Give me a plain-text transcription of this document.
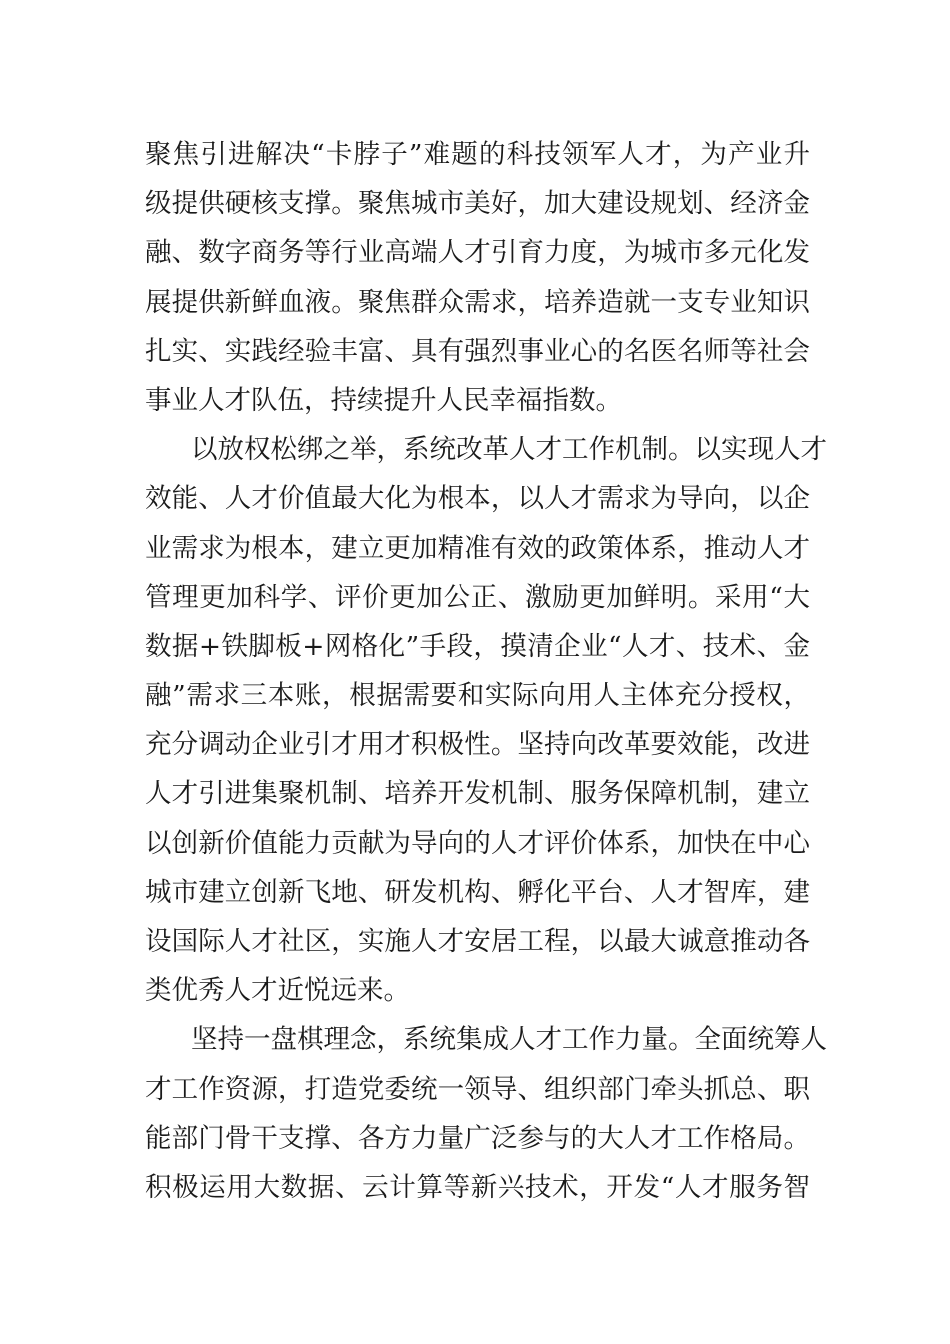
聚焦引进解决“卡脖子”难题的科技领军人才，为产业升
级提供硬核支撑。聚焦城市美好，加大建设规划、经济金
融、数字商务等行业高端人才引育力度，为城市多元化发
展提供新鲜血液。聚焦群众需求，培养造就一支专业知识
扎实、实践经验丰富、具有强烈事业心的名医名师等社会
事业人才队伍，持续提升人民幸福指数。
以放权松绑之举，系统改革人才工作机制。以实现人才
效能、人才价值最大化为根本，以人才需求为导向，以企
业需求为根本，建立更加精准有效的政策体系，推动人才
管理更加科学、评价更加公正、激励更加鲜明。采用“大
数据+铁脚板+网格化”手段，摸清企业“人才、技术、金
融”需求三本账，根据需要和实际向用人主体充分授权，
充分调动企业引才用才积极性。坚持向改革要效能，改进
人才引进集聚机制、培养开发机制、服务保障机制，建立
以创新价值能力贡献为导向的人才评价体系，加快在中心
城市建立创新飞地、研发机构、孵化平台、人才智库，建
设国际人才社区，实施人才安居工程，以最大诚意推动各
类优秀人才近悦远来。
坚持一盘棋理念，系统集成人才工作力量。全面统筹人
才工作资源，打造党委统一领导、组织部门牵头抓总、职
能部门骨干支撑、各方力量广泛参与的大人才工作格局。
积极运用大数据、云计算等新兴技术，开发“人才服务智
